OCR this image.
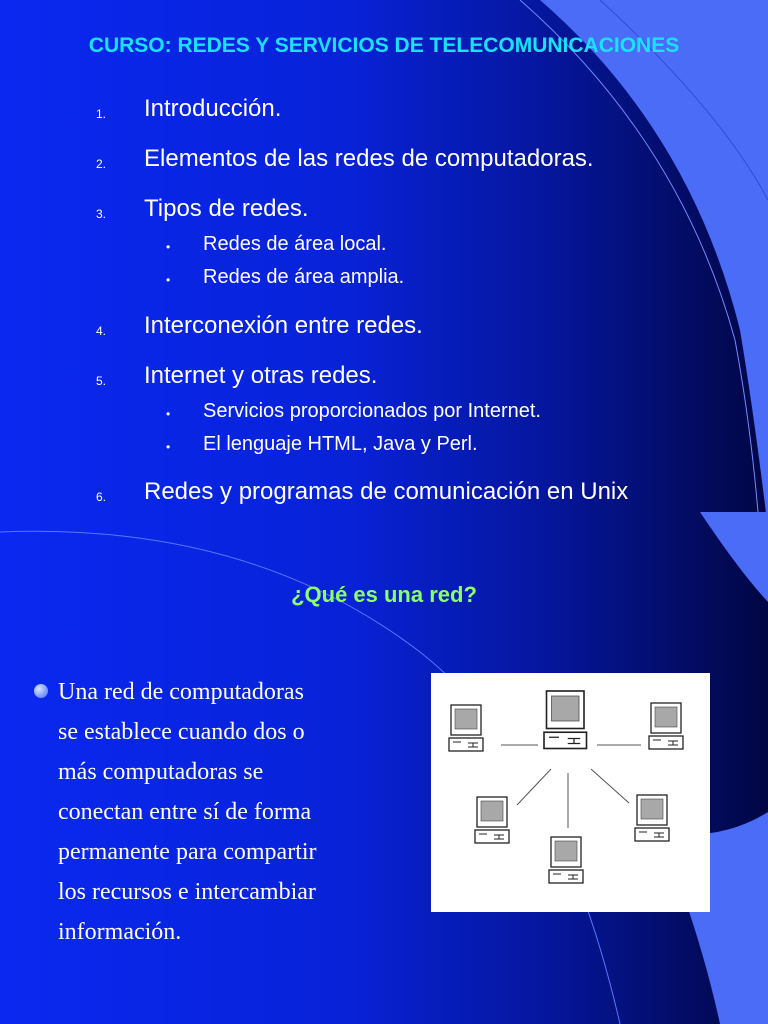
CURSO: REDES Y SERVICIOS DE TELECOMUNICACIONES
1. Introducción.
2. Elementos de las redes de computadoras.
3. Tipos de redes.
• Redes de área local.
• Redes de área amplia.
4. Interconexión entre redes.
5. Internet y otras redes.
• Servicios proporcionados por Internet.
• El lenguaje HTML, Java y Perl.
6. Redes y programas de comunicación en Unix
¿Qué es una red?
Una red de computadoras
se establece cuando dos o
más computadoras se
conectan entre sí de forma
permanente para compartir
los recursos e intercambiar
información.
